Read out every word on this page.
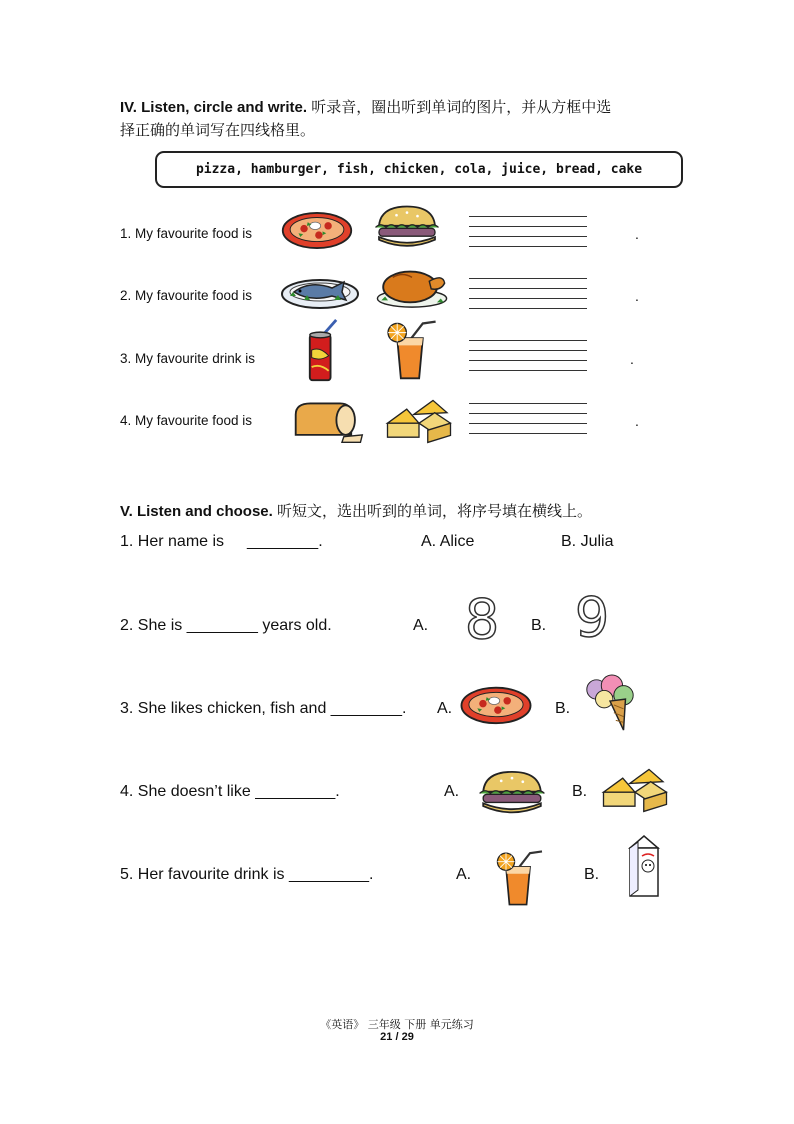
IV. Listen, circle and write. 听录音，圈出听到单词的图片，并从方框中选
择正确的单词写在四线格里。
pizza, hamburger, fish, chicken, cola, juice, bread, cake
1. My favourite food is	.
2. My favourite food is	.
3. My favourite drink is	.
4. My favourite food is	.
V. Listen and choose. 听短文，选出听到的单词，将序号填在横线上。
1. Her name is ________.	A. Alice	B. Julia
2. She is ________ years old.	A. 8 B. 9
3. She likes chicken, fish and ________. A.	B.
4. She doesn’t like _________.	A.	B.
5. Her favourite drink is _________.	A.	B.
《英语》 三年级 下册 单元练习
21 / 29
